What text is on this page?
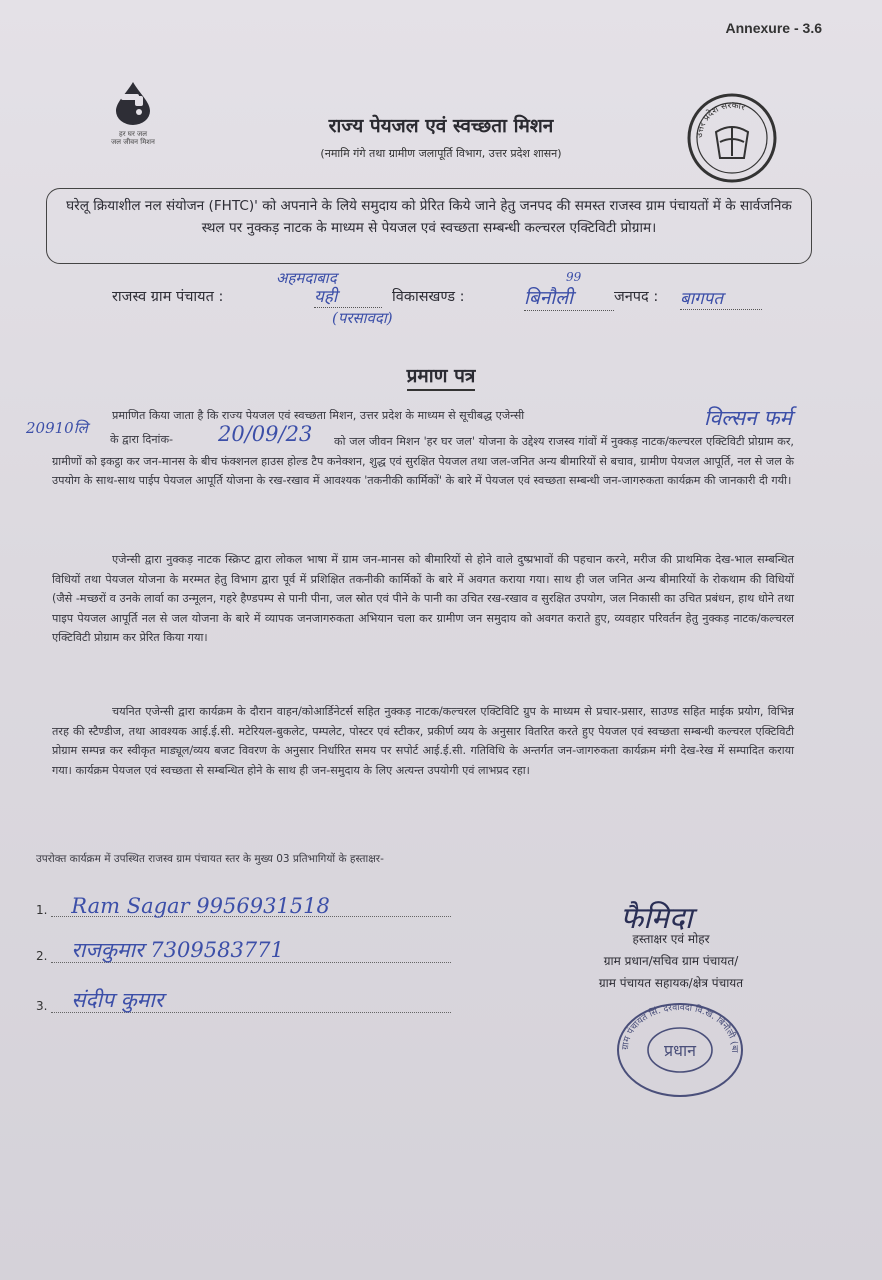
Annexure - 3.6
हर घर जल
जल जीवन मिशन
उत्तर प्रदेश सरकार
राज्य पेयजल एवं स्वच्छता मिशन
(नमामि गंगे तथा ग्रामीण जलापूर्ति विभाग, उत्तर प्रदेश शासन)
घरेलू क्रियाशील नल संयोजन (FHTC)' को अपनाने के लिये समुदाय को प्रेरित किये जाने हेतु जनपद की समस्त राजस्व ग्राम पंचायतों में के सार्वजनिक स्थल पर नुक्कड़ नाटक के माध्यम से पेयजल एवं स्वच्छता सम्बन्धी कल्चरल एक्टिविटी प्रोग्राम।
राजस्व ग्राम पंचायत :
अहमदाबाद
यही
(परसावदा)
विकासखण्ड :	बिनौली
99
जनपद : बागपत
प्रमाण पत्र
20910लि	विल्सन फर्म

प्रमाणित किया जाता है कि राज्य पेयजल एवं स्वच्छता मिशन, उत्तर प्रदेश के माध्यम से सूचीबद्ध एजेन्सी

के द्वारा दिनांक- 20/09/23	को जल जीवन मिशन 'हर घर जल' योजना के उद्देश्य राजस्व गांवों में नुक्कड़ नाटक/कल्चरल एक्टिविटी प्रोग्राम कर, ग्रामीणों को इकट्ठा कर जन-मानस के बीच फंक्शनल हाउस होल्ड टैप कनेक्शन, शुद्ध एवं सुरक्षित पेयजल तथा जल-जनित अन्य बीमारियों से बचाव, ग्रामीण पेयजल आपूर्ति, नल से जल के उपयोग के साथ-साथ पाईप पेयजल आपूर्ति योजना के रख-रखाव में आवश्यक 'तकनीकी कार्मिकों' के बारे में पेयजल एवं स्वच्छता सम्बन्धी जन-जागरुकता कार्यक्रम की जानकारी दी गयी।

एजेन्सी द्वारा नुक्कड़ नाटक स्क्रिप्ट द्वारा लोकल भाषा में ग्राम जन-मानस को बीमारियों से होने वाले दुष्प्रभावों की पहचान करने, मरीज की प्राथमिक देख-भाल सम्बन्धित विधियों तथा पेयजल योजना के मरम्मत हेतु विभाग द्वारा पूर्व में प्रशिक्षित तकनीकी कार्मिकों के बारे में अवगत कराया गया। साथ ही जल जनित अन्य बीमारियों के रोकथाम की विधियों (जैसे -मच्छरों व उनके लार्वा का उन्मूलन, गहरे हैण्डपम्प से पानी पीना, जल स्रोत एवं पीने के पानी का उचित रख-रखाव व सुरक्षित उपयोग, जल निकासी का उचित प्रबंधन, हाथ धोने तथा पाइप पेयजल आपूर्ति नल से जल योजना के बारे में व्यापक जनजागरुकता अभियान चला कर ग्रामीण जन समुदाय को अवगत कराते हुए, व्यवहार परिवर्तन हेतु नुक्कड़ नाटक/कल्चरल एक्टिविटी प्रोग्राम कर प्रेरित किया गया।

चयनित एजेन्सी द्वारा कार्यक्रम के दौरान वाहन/कोआर्डिनेटर्स सहित नुक्कड़ नाटक/कल्चरल एक्टिविटि ग्रुप के माध्यम से प्रचार-प्रसार, साउण्ड सहित माईक प्रयोग, विभिन्न तरह की स्टैण्डीज, तथा आवश्यक आई.ई.सी. मटेरियल-बुकलेट, पम्पलेट, पोस्टर एवं स्टीकर, प्रकीर्ण व्यय के अनुसार वितरित करते हुए पेयजल एवं स्वच्छता सम्बन्धी कल्चरल एक्टिविटी प्रोग्राम सम्पन्न कर स्वीकृत माड्यूल/व्यय बजट विवरण के अनुसार निर्धारित समय पर सपोर्ट आई.ई.सी. गतिविधि के अन्तर्गत जन-जागरुकता कार्यक्रम मंगी देख-रेख में सम्पादित कराया गया। कार्यक्रम पेयजल एवं स्वच्छता से सम्बन्धित होने के साथ ही जन-समुदाय के लिए अत्यन्त उपयोगी एवं लाभप्रद रहा।

उपरोक्त कार्यक्रम में उपस्थित राजस्व ग्राम पंचायत स्तर के मुख्य 03 प्रतिभागियों के हस्ताक्षर-
1. Ram Sagar 9956931518
2. राजकुमार 7309583771
3. संदीप कुमार
फैमिदा
हस्ताक्षर एवं मोहर
ग्राम प्रधान/सचिव ग्राम पंचायत/
ग्राम पंचायत सहायक/क्षेत्र पंचायत
ग्राम पंचायत सिं. दरवावदा वि.ख. बिनौली (बा
प्रधान
